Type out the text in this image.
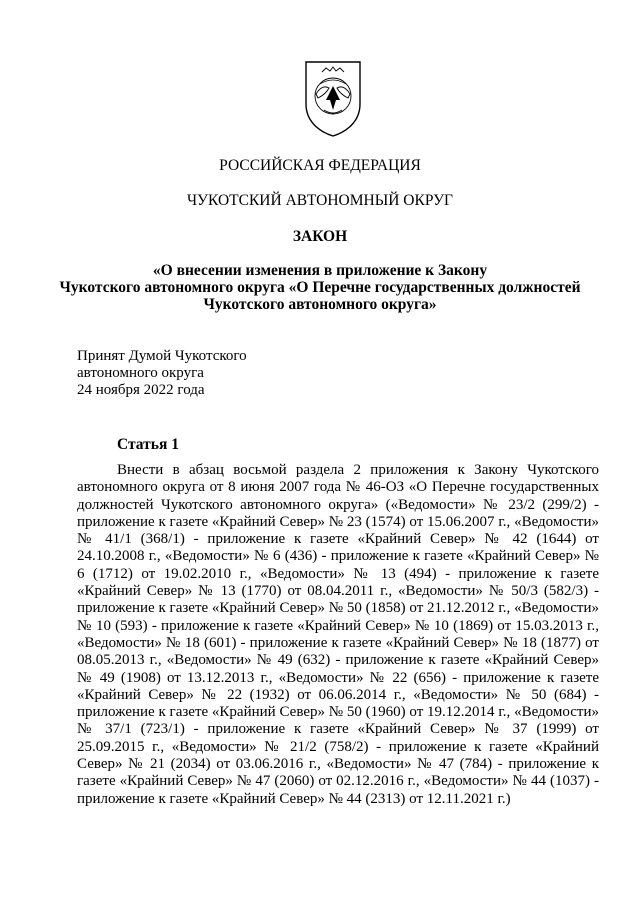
РОССИЙСКАЯ ФЕДЕРАЦИЯ

ЧУКОТСКИЙ АВТОНОМНЫЙ ОКРУГ

ЗАКОН

«О внесении изменения в приложение к Закону
Чукотского автономного округа «О Перечне государственных должностей
Чукотского автономного округа»
Принят Думой Чукотского
автономного округа
24 ноября 2022 года

Статья 1

Внести в абзац восьмой раздела 2 приложения к Закону Чукотского автономного округа от 8 июня 2007 года № 46-ОЗ «О Перечне государственных должностей Чукотского автономного округа» («Ведомости» № 23/2 (299/2) - приложение к газете «Крайний Север» № 23 (1574) от 15.06.2007 г., «Ведомости» № 41/1 (368/1) - приложение к газете «Крайний Север» № 42 (1644) от 24.10.2008 г., «Ведомости» № 6 (436) - приложение к газете «Крайний Север» № 6 (1712) от 19.02.2010 г., «Ведомости» № 13 (494) - приложение к газете «Крайний Север» № 13 (1770) от 08.04.2011 г., «Ведомости» № 50/3 (582/3) - приложение к газете «Крайний Север» № 50 (1858) от 21.12.2012 г., «Ведомости» № 10 (593) - приложение к газете «Крайний Север» № 10 (1869) от 15.03.2013 г., «Ведомости» № 18 (601) - приложение к газете «Крайний Север» № 18 (1877) от 08.05.2013 г., «Ведомости» № 49 (632) - приложение к газете «Крайний Север» № 49 (1908) от 13.12.2013 г., «Ведомости» № 22 (656) - приложение к газете «Крайний Север» № 22 (1932) от 06.06.2014 г., «Ведомости» № 50 (684) - приложение к газете «Крайний Север» № 50 (1960) от 19.12.2014 г., «Ведомости» № 37/1 (723/1) - приложение к газете «Крайний Север» № 37 (1999) от 25.09.2015 г., «Ведомости» № 21/2 (758/2) - приложение к газете «Крайний Север» № 21 (2034) от 03.06.2016 г., «Ведомости» № 47 (784) - приложение к газете «Крайний Север» № 47 (2060) от 02.12.2016 г., «Ведомости» № 44 (1037) - приложение к газете «Крайний Север» № 44 (2313) от 12.11.2021 г.)
